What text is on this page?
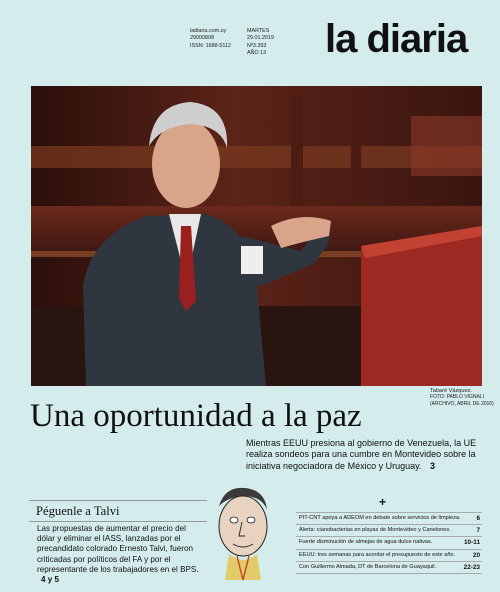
ladiaria.com.uy
29000808
ISSN: 1688-5112
MARTES
29.01.2019
Nº3.393
AÑO 13 la diaria
Tabaré Vázquez.
FOTO: PABLO VIGNALI
(ARCHIVO, ABRIL DE 2016)
Una oportunidad a la paz
Mientras EEUU presiona al gobierno de Venezuela, la UE realiza sondeos para una cumbre en Montevideo sobre la iniciativa negociadora de México y Uruguay. 3
Péguenle a Talvi
Las propuestas de aumentar el precio del dólar y eliminar el IASS, lanzadas por el precandidato colorado Ernesto Talvi, fueron criticadas por políticos del FA y por el representante de los trabajadores en el BPS. 4 y 5
+
PIT-CNT apoya a ADEOM en debate sobre servicios de limpieza. 6
Alerta: cianobacterias en playas de Montevideo y Canelones.	7
Fuerte disminución de almejas de agua dulce nativas.	10-11
EEUU: tres semanas para acordar el presupuesto de este año.	20
Con Guillermo Almada, DT de Barcelona de Guayaquil.	22-23
